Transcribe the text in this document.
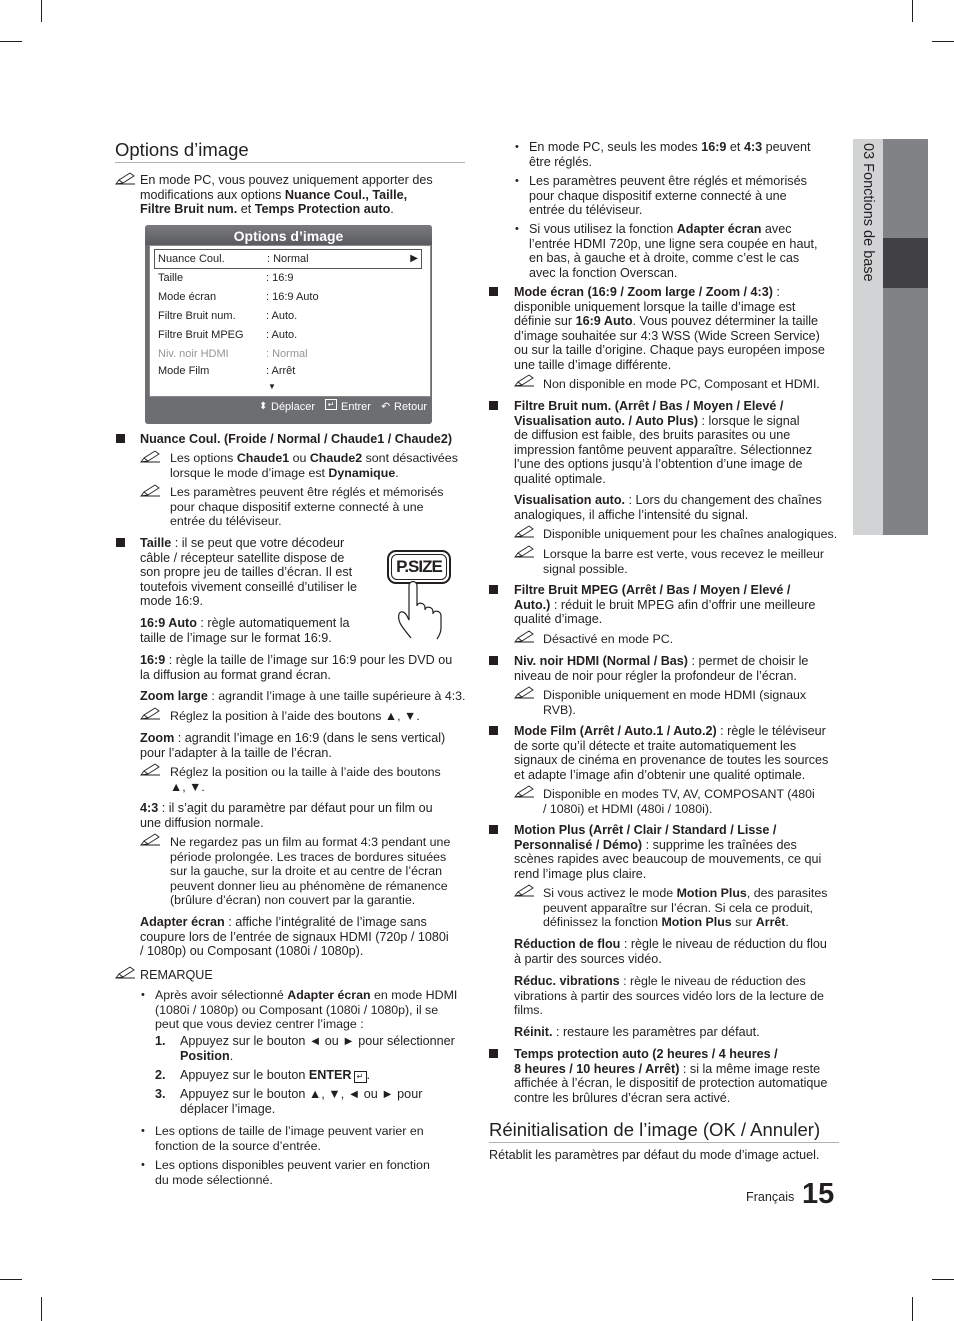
03 Fonctions de base
Options d’image
En mode PC, vous pouvez uniquement apporter des
modifications aux options Nuance Coul., Taille,
Filtre Bruit num. et Temps Protection auto.
Options d’image
Nuance Coul.	: Normal	▶
Taille	: 16:9
Mode écran	: 16:9 Auto
Filtre Bruit num.	: Auto.
Filtre Bruit MPEG : Auto.
Niv. noir HDMI	: Normal
Mode Film	: Arrêt
▼
⬍ Déplacer	↵ Entrer ↶ Retour
Nuance Coul. (Froide / Normal / Chaude1 / Chaude2)
Les options Chaude1 ou Chaude2 sont désactivées
lorsque le mode d’image est Dynamique.
Les paramètres peuvent être réglés et mémorisés
pour chaque dispositif externe connecté à une
entrée du téléviseur.
Taille : il se peut que votre décodeur
câble / récepteur satellite dispose de
son propre jeu de tailles d’écran. Il est
toutefois vivement conseillé d’utiliser le
mode 16:9.
P.SIZE
16:9 Auto : règle automatiquement la
taille de l’image sur le format 16:9.
16:9 : règle la taille de l’image sur 16:9 pour les DVD ou
la diffusion au format grand écran.
Zoom large : agrandit l’image à une taille supérieure à 4:3.
Réglez la position à l’aide des boutons ▲, ▼.
Zoom : agrandit l’image en 16:9 (dans le sens vertical)
pour l’adapter à la taille de l’écran.
Réglez la position ou la taille à l’aide des boutons
▲, ▼.
4:3 : il s’agit du paramètre par défaut pour un film ou
une diffusion normale.
Ne regardez pas un film au format 4:3 pendant une
période prolongée. Les traces de bordures situées
sur la gauche, sur la droite et au centre de l’écran
peuvent donner lieu au phénomène de rémanence
(brûlure d’écran) non couvert par la garantie.
Adapter écran : affiche l’intégralité de l’image sans
coupure lors de l’entrée de signaux HDMI (720p / 1080i
/ 1080p) ou Composant (1080i / 1080p).
REMARQUE
• Après avoir sélectionné Adapter écran en mode HDMI
(1080i / 1080p) ou Composant (1080i / 1080p), il se
peut que vous deviez centrer l’image :
1. Appuyez sur le bouton ◄ ou ► pour sélectionner
Position.
2. Appuyez sur le bouton ENTER ↵ .
3. Appuyez sur le bouton ▲, ▼, ◄ ou ► pour
déplacer l’image.
• Les options de taille de l’image peuvent varier en
fonction de la source d’entrée.
• Les options disponibles peuvent varier en fonction
du mode sélectionné.
• En mode PC, seuls les modes 16:9 et 4:3 peuvent
être réglés.
• Les paramètres peuvent être réglés et mémorisés
pour chaque dispositif externe connecté à une
entrée du téléviseur.
• Si vous utilisez la fonction Adapter écran avec
l’entrée HDMI 720p, une ligne sera coupée en haut,
en bas, à gauche et à droite, comme c’est le cas
avec la fonction Overscan.
Mode écran (16:9 / Zoom large / Zoom / 4:3) :
disponible uniquement lorsque la taille d’image est
définie sur 16:9 Auto. Vous pouvez déterminer la taille
d’image souhaitée sur 4:3 WSS (Wide Screen Service)
ou sur la taille d’origine. Chaque pays européen impose
une taille d’image différente.
Non disponible en mode PC, Composant et HDMI.
Filtre Bruit num. (Arrêt / Bas / Moyen / Elevé /
Visualisation auto. / Auto Plus) : lorsque le signal
de diffusion est faible, des bruits parasites ou une
impression fantôme peuvent apparaître. Sélectionnez
l’une des options jusqu’à l’obtention d’une image de
qualité optimale.
Visualisation auto. : Lors du changement des chaînes
analogiques, il affiche l’intensité du signal.
Disponible uniquement pour les chaînes analogiques.
Lorsque la barre est verte, vous recevez le meilleur
signal possible.
Filtre Bruit MPEG (Arrêt / Bas / Moyen / Elevé /
Auto.) : réduit le bruit MPEG afin d’offrir une meilleure
qualité d’image.
Désactivé en mode PC.
Niv. noir HDMI (Normal / Bas) : permet de choisir le
niveau de noir pour régler la profondeur de l’écran.
Disponible uniquement en mode HDMI (signaux
RVB).
Mode Film (Arrêt / Auto.1 / Auto.2) : règle le téléviseur
de sorte qu’il détecte et traite automatiquement les
signaux de cinéma en provenance de toutes les sources
et adapte l’image afin d’obtenir une qualité optimale.
Disponible en modes TV, AV, COMPOSANT (480i
/ 1080i) et HDMI (480i / 1080i).
Motion Plus (Arrêt / Clair / Standard / Lisse /
Personnalisé / Démo) : supprime les traînées des
scènes rapides avec beaucoup de mouvements, ce qui
rend l’image plus claire.
Si vous activez le mode Motion Plus, des parasites
peuvent apparaître sur l’écran. Si cela ce produit,
définissez la fonction Motion Plus sur Arrêt.
Réduction de flou : règle le niveau de réduction du flou
à partir des sources vidéo.
Réduc. vibrations : règle le niveau de réduction des
vibrations à partir des sources vidéo lors de la lecture de
films.
Réinit. : restaure les paramètres par défaut.
Temps protection auto (2 heures / 4 heures /
8 heures / 10 heures / Arrêt) : si la même image reste
affichée à l’écran, le dispositif de protection automatique
contre les brûlures d’écran sera activé.
Réinitialisation de l’image (OK / Annuler)
Rétablit les paramètres par défaut du mode d’image actuel.
Français 15
